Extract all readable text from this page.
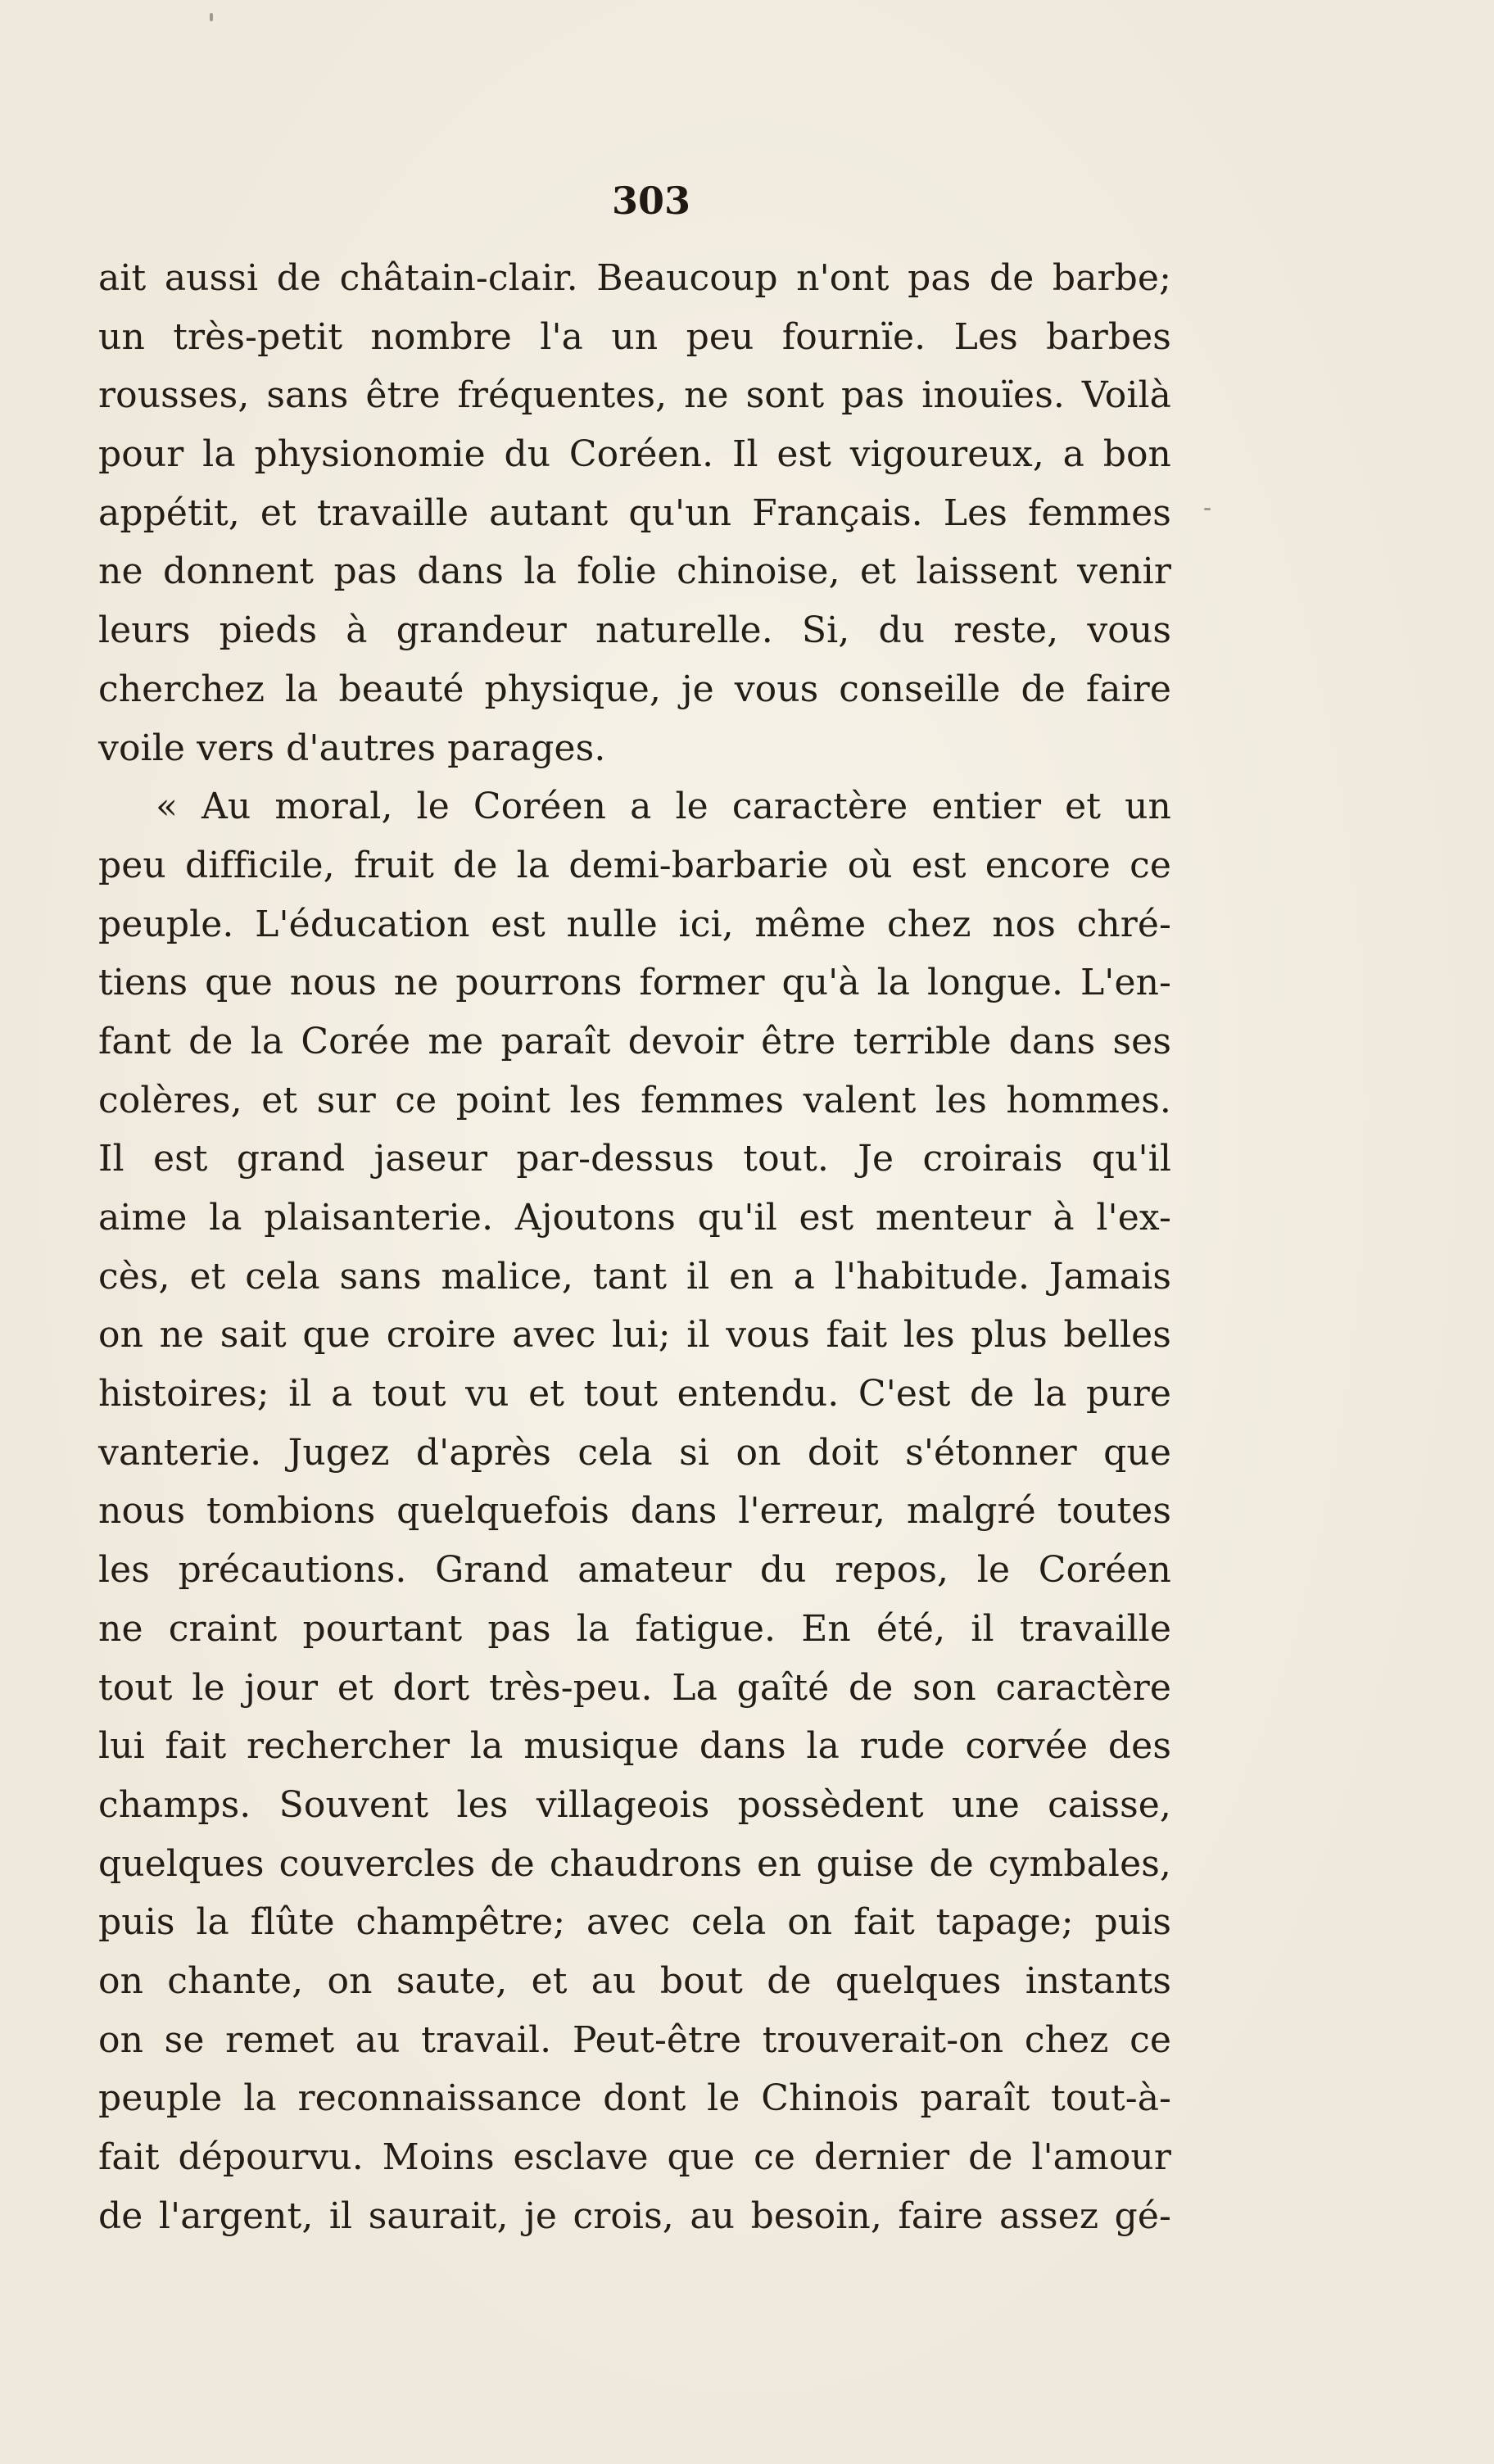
303
ait aussi de châtain-clair. Beaucoup n'ont pas de barbe;
un très-petit nombre l'a un peu fournïe. Les barbes
rousses, sans être fréquentes, ne sont pas inouïes. Voilà
pour la physionomie du Coréen. Il est vigoureux, a bon
appétit, et travaille autant qu'un Français. Les femmes
ne donnent pas dans la folie chinoise, et laissent venir
leurs pieds à grandeur naturelle. Si, du reste, vous
cherchez la beauté physique, je vous conseille de faire
voile vers d'autres parages.
« Au moral, le Coréen a le caractère entier et un
peu difficile, fruit de la demi-barbarie où est encore ce
peuple. L'éducation est nulle ici, même chez nos chré-
tiens que nous ne pourrons former qu'à la longue. L'en-
fant de la Corée me paraît devoir être terrible dans ses
colères, et sur ce point les femmes valent les hommes.
Il est grand jaseur par-dessus tout. Je croirais qu'il
aime la plaisanterie. Ajoutons qu'il est menteur à l'ex-
cès, et cela sans malice, tant il en a l'habitude. Jamais
on ne sait que croire avec lui; il vous fait les plus belles
histoires; il a tout vu et tout entendu. C'est de la pure
vanterie. Jugez d'après cela si on doit s'étonner que
nous tombions quelquefois dans l'erreur, malgré toutes
les précautions. Grand amateur du repos, le Coréen
ne craint pourtant pas la fatigue. En été, il travaille
tout le jour et dort très-peu. La gaîté de son caractère
lui fait rechercher la musique dans la rude corvée des
champs. Souvent les villageois possèdent une caisse,
quelques couvercles de chaudrons en guise de cymbales,
puis la flûte champêtre; avec cela on fait tapage; puis
on chante, on saute, et au bout de quelques instants
on se remet au travail. Peut-être trouverait-on chez ce
peuple la reconnaissance dont le Chinois paraît tout-à-
fait dépourvu. Moins esclave que ce dernier de l'amour
de l'argent, il saurait, je crois, au besoin, faire assez gé-
